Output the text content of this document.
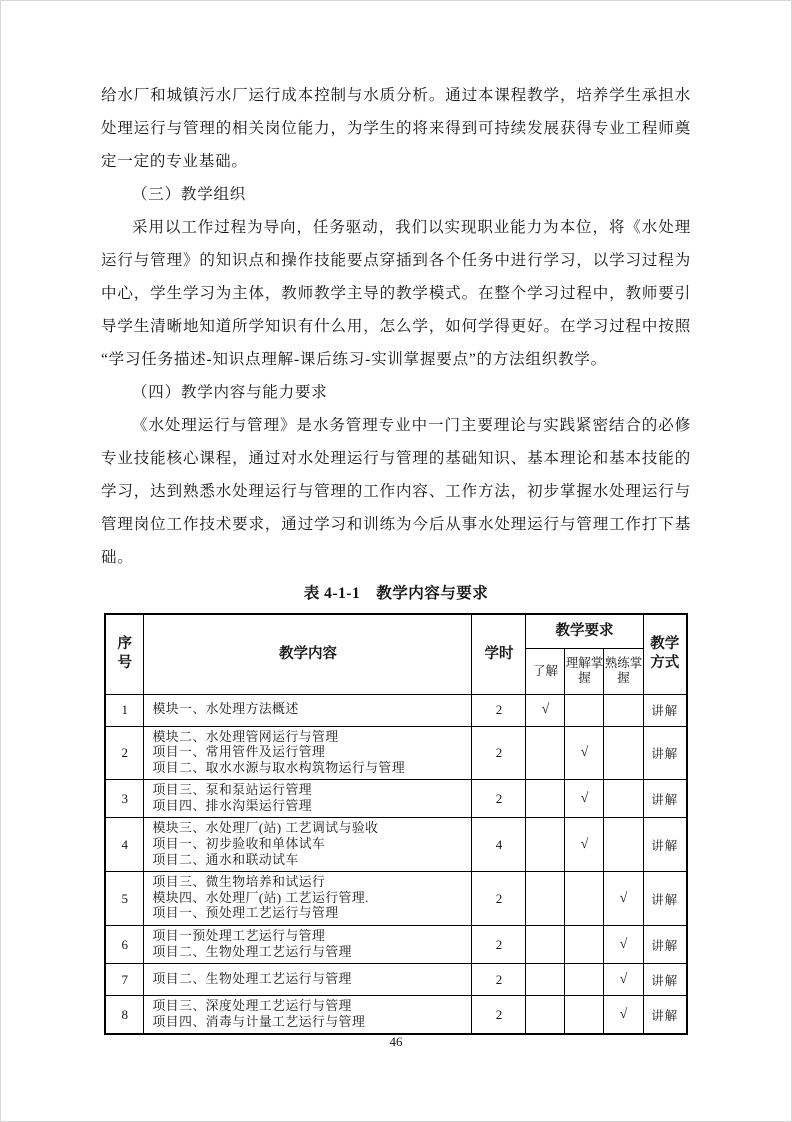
给水厂和城镇污水厂运行成本控制与水质分析。通过本课程教学，培养学生承担水处理运行与管理的相关岗位能力，为学生的将来得到可持续发展获得专业工程师奠定一定的专业基础。

（三）教学组织

采用以工作过程为导向，任务驱动，我们以实现职业能力为本位，将《水处理运行与管理》的知识点和操作技能要点穿插到各个任务中进行学习，以学习过程为中心，学生学习为主体，教师教学主导的教学模式。在整个学习过程中，教师要引导学生清晰地知道所学知识有什么用，怎么学，如何学得更好。在学习过程中按照“学习任务描述-知识点理解-课后练习-实训掌握要点”的方法组织教学。

（四）教学内容与能力要求

《水处理运行与管理》是水务管理专业中一门主要理论与实践紧密结合的必修专业技能核心课程，通过对水处理运行与管理的基础知识、基本理论和基本技能的学习，达到熟悉水处理运行与管理的工作内容、工作方法，初步掌握水处理运行与管理岗位工作技术要求，通过学习和训练为今后从事水处理运行与管理工作打下基础。

表 4-1-1　教学内容与要求
序号	教学内容	学时	教学要求			教学方式

			了解	理解掌握	熟练掌握	
1	模块一、水处理方法概述	2	√			讲解
2	模块二、水处理管网运行与管理
项目一、常用管件及运行管理
项目二、取水水源与取水构筑物运行与管理	2		√		讲解
3	项目三、泵和泵站运行管理
项目四、排水沟渠运行管理	2		√		讲解
4	模块三、水处理厂(站) 工艺调试与验收
项目一、初步验收和单体试车
项目二、通水和联动试车	4		√		讲解
5	项目三、微生物培养和试运行
模块四、水处理厂(站) 工艺运行管理.
项目一、预处理工艺运行与管理	2			√	讲解
6	项目一预处理工艺运行与管理
项目二、生物处理工艺运行与管理	2			√	讲解
7	项目二、生物处理工艺运行与管理	2			√	讲解
8	项目三、深度处理工艺运行与管理
项目四、消毒与计量工艺运行与管理	2			√	讲解
46
